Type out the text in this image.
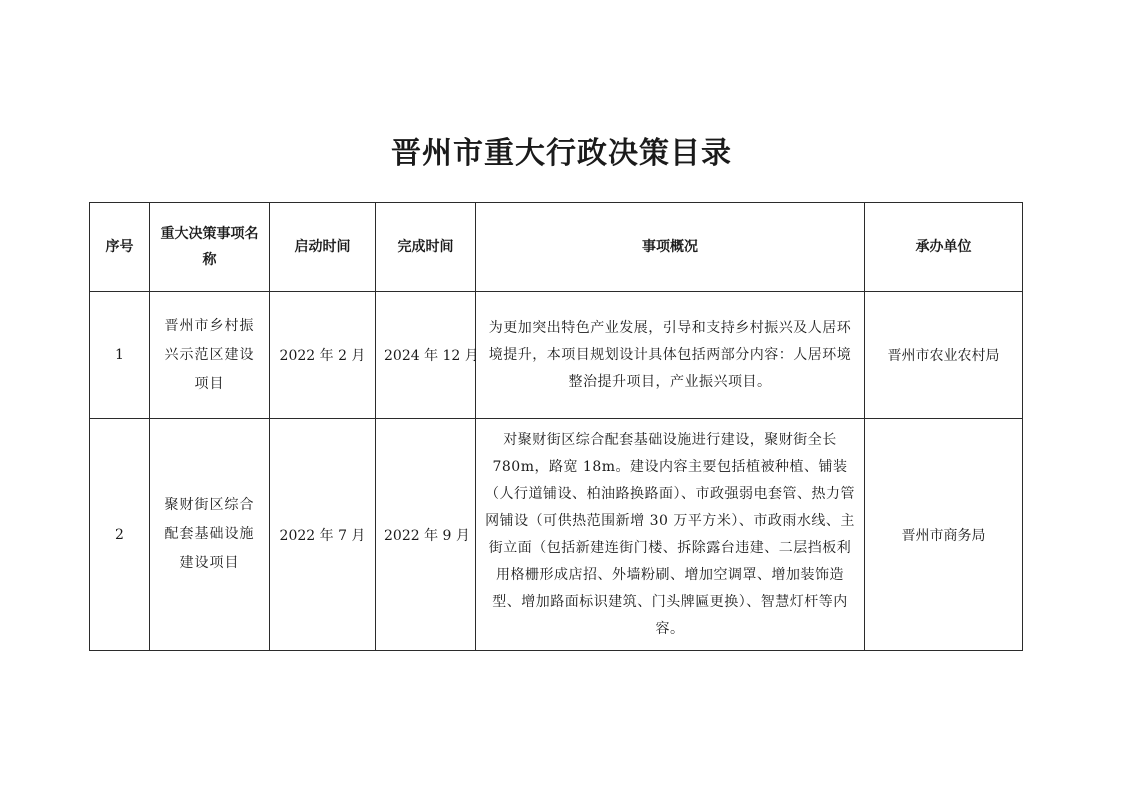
晋州市重大行政决策目录
序号	重大决策事项名称	启动时间	完成时间	事项概况	承办单位
1	晋州市乡村振兴示范区建设项目	2022 年 2 月	2024 年 12 月	为更加突出特色产业发展，引导和支持乡村振兴及人居环境提升，本项目规划设计具体包括两部分内容：人居环境整治提升项目，产业振兴项目。	晋州市农业农村局
2	聚财街区综合配套基础设施建设项目	2022 年 7 月	2022 年 9 月	对聚财街区综合配套基础设施进行建设，聚财街全长780m，路宽 18m。建设内容主要包括植被种植、铺装（人行道铺设、柏油路换路面）、市政强弱电套管、热力管网铺设（可供热范围新增 30 万平方米）、市政雨水线、主街立面（包括新建连街门楼、拆除露台违建、二层挡板利用格栅形成店招、外墙粉刷、增加空调罩、增加装饰造型、增加路面标识建筑、门头牌匾更换）、智慧灯杆等内容。	晋州市商务局
